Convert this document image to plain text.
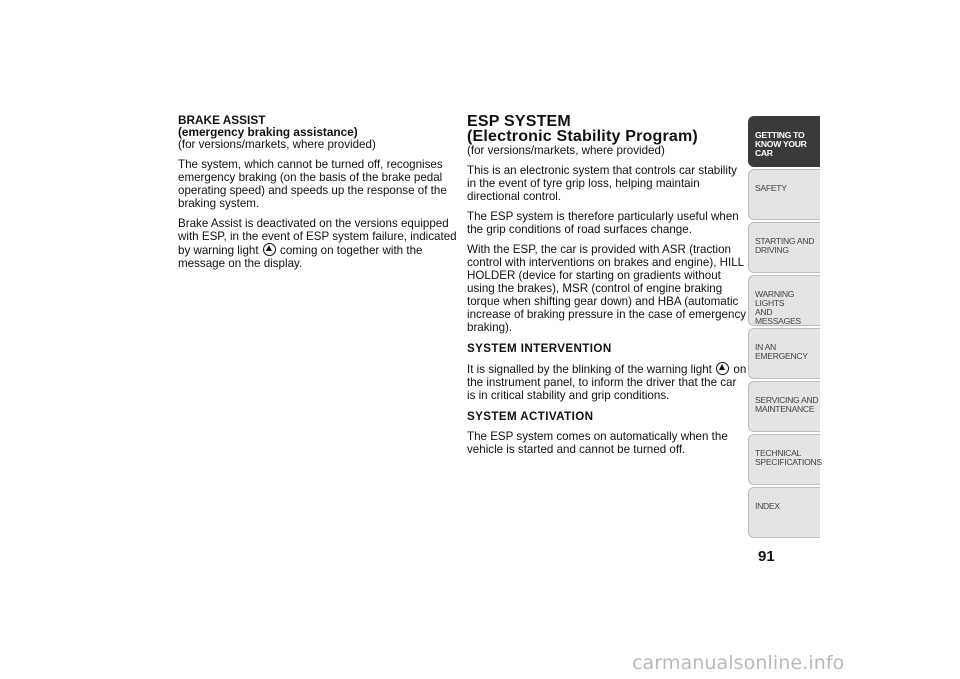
BRAKE ASSIST
(emergency braking assistance)
(for versions/markets, where provided)

The system, which cannot be turned off, recognises emergency braking (on the basis of the brake pedal operating speed) and speeds up the response of the braking system.

Brake Assist is deactivated on the versions equipped with ESP, in the event of ESP system failure, indicated by warning light coming on together with the message on the display.

ESP SYSTEM
(Electronic Stability Program)
(for versions/markets, where provided)

This is an electronic system that controls car stability in the event of tyre grip loss, helping maintain directional control.

The ESP system is therefore particularly useful when the grip conditions of road surfaces change.

With the ESP, the car is provided with ASR (traction control with interventions on brakes and engine), HILL HOLDER (device for starting on gradients without using the brakes), MSR (control of engine braking torque when shifting gear down) and HBA (automatic increase of braking pressure in the case of emergency braking).

SYSTEM INTERVENTION

It is signalled by the blinking of the warning light on the instrument panel, to inform the driver that the car is in critical stability and grip conditions.

SYSTEM ACTIVATION

The ESP system comes on automatically when the vehicle is started and cannot be turned off.

GETTING TO
KNOW YOUR CAR
SAFETY
STARTING AND
DRIVING
WARNING LIGHTS
AND MESSAGES
IN AN EMERGENCY
SERVICING AND
MAINTENANCE
TECHNICAL
SPECIFICATIONS
INDEX
91
carmanualsonline.info
